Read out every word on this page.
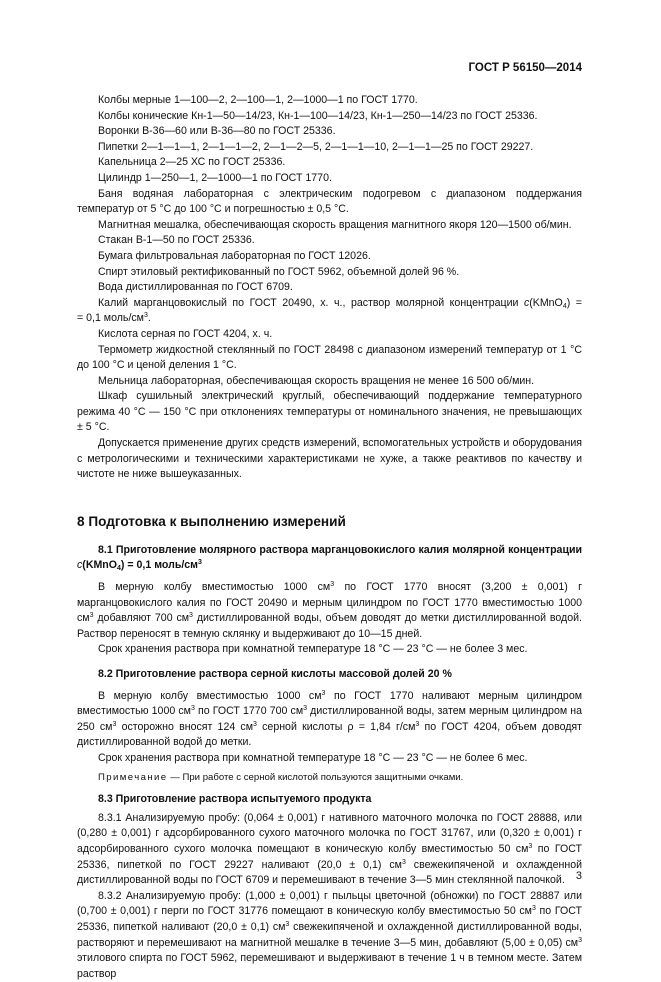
ГОСТ Р 56150—2014

Колбы мерные 1—100—2, 2—100—1, 2—1000—1 по ГОСТ 1770.

Колбы конические Кн-1—50—14/23, Кн-1—100—14/23, Кн-1—250—14/23 по ГОСТ 25336.

Воронки В-36—60 или В-36—80 по ГОСТ 25336.

Пипетки 2—1—1—1, 2—1—1—2, 2—1—2—5, 2—1—1—10, 2—1—1—25 по ГОСТ 29227.

Капельница 2—25 ХС по ГОСТ 25336.

Цилиндр 1—250—1, 2—1000—1 по ГОСТ 1770.

Баня водяная лабораторная с электрическим подогревом с диапазоном поддержания температур от 5 °С до 100 °С и погрешностью ± 0,5 °С.

Магнитная мешалка, обеспечивающая скорость вращения магнитного якоря 120—1500 об/мин.

Стакан В-1—50 по ГОСТ 25336.

Бумага фильтровальная лабораторная по ГОСТ 12026.

Спирт этиловый ректификованный по ГОСТ 5962, объемной долей 96 %.

Вода дистиллированная по ГОСТ 6709.

Калий марганцовокислый по ГОСТ 20490, х. ч., раствор молярной концентрации с(KMnO$_4$) =

= 0,1 моль/$см^3$.

Кислота серная по ГОСТ 4204, х. ч.

Термометр жидкостной стеклянный по ГОСТ 28498 с диапазоном измерений температур от 1 °С до 100 °С и ценой деления 1 °С.

Мельница лабораторная, обеспечивающая скорость вращения не менее 16 500 об/мин.

Шкаф сушильный электрический круглый, обеспечивающий поддержание температурного режима 40 °С — 150 °С при отклонениях температуры от номинального значения, не превышающих ± 5 °С.

Допускается применение других средств измерений, вспомогательных устройств и оборудования с метрологическими и техническими характеристиками не хуже, а также реактивов по качеству и чистоте не ниже вышеуказанных.

8 Подготовка к выполнению измерений

8.1 Приготовление молярного раствора марганцовокислого калия молярной концентрации

с(KMnO$_4$) = 0,1 моль/$см^3$

В мерную колбу вместимостью 1000 $см^3$ по ГОСТ 1770 вносят (3,200 ± 0,001) г марганцовокислого калия по ГОСТ 20490 и мерным цилиндром по ГОСТ 1770 вместимостью 1000 $см^3$ добавляют 700 $см^3$ дистиллированной воды, объем доводят до метки дистиллированной водой. Раствор переносят в темную склянку и выдерживают до 10—15 дней.

Срок хранения раствора при комнатной температуре 18 °С — 23 °С — не более 3 мес.

8.2 Приготовление раствора серной кислоты массовой долей 20 %

В мерную колбу вместимостью 1000 $см^3$ по ГОСТ 1770 наливают мерным цилиндром вместимостью 1000 $см^3$ по ГОСТ 1770 700 $см^3$ дистиллированной воды, затем мерным цилиндром на 250 $см^3$ осторожно вносят 124 $см^3$ серной кислоты ρ = 1,84 $г/см^3$ по ГОСТ 4204, объем доводят дистиллированной водой до метки.

Срок хранения раствора при комнатной температуре 18 °С — 23 °С — не более 6 мес.

Примечание — При работе с серной кислотой пользуются защитными очками.

8.3 Приготовление раствора испытуемого продукта

8.3.1 Анализируемую пробу: (0,064 ± 0,001) г нативного маточного молочка по ГОСТ 28888, или (0,280 ± 0,001) г адсорбированного сухого маточного молочка по ГОСТ 31767, или (0,320 ± 0,001) г адсорбированного сухого молочка помещают в коническую колбу вместимостью 50 $см^3$ по ГОСТ 25336, пипеткой по ГОСТ 29227 наливают (20,0 ± 0,1) $см^3$ свежекипяченой и охлажденной дистиллированной воды по ГОСТ 6709 и перемешивают в течение 3—5 мин стеклянной палочкой.

8.3.2 Анализируемую пробу: (1,000 ± 0,001) г пыльцы цветочной (обножки) по ГОСТ 28887 или (0,700 ± 0,001) г перги по ГОСТ 31776 помещают в коническую колбу вместимостью 50 $см^3$ по ГОСТ 25336, пипеткой наливают (20,0 ± 0,1) $см^3$ свежекипяченой и охлажденной дистиллированной воды, растворяют и перемешивают на магнитной мешалке в течение 3—5 мин, добавляют (5,00 ± 0,05) $см^3$ этилового спирта по ГОСТ 5962, перемешивают и выдерживают в течение 1 ч в темном месте. Затем раствор

3
